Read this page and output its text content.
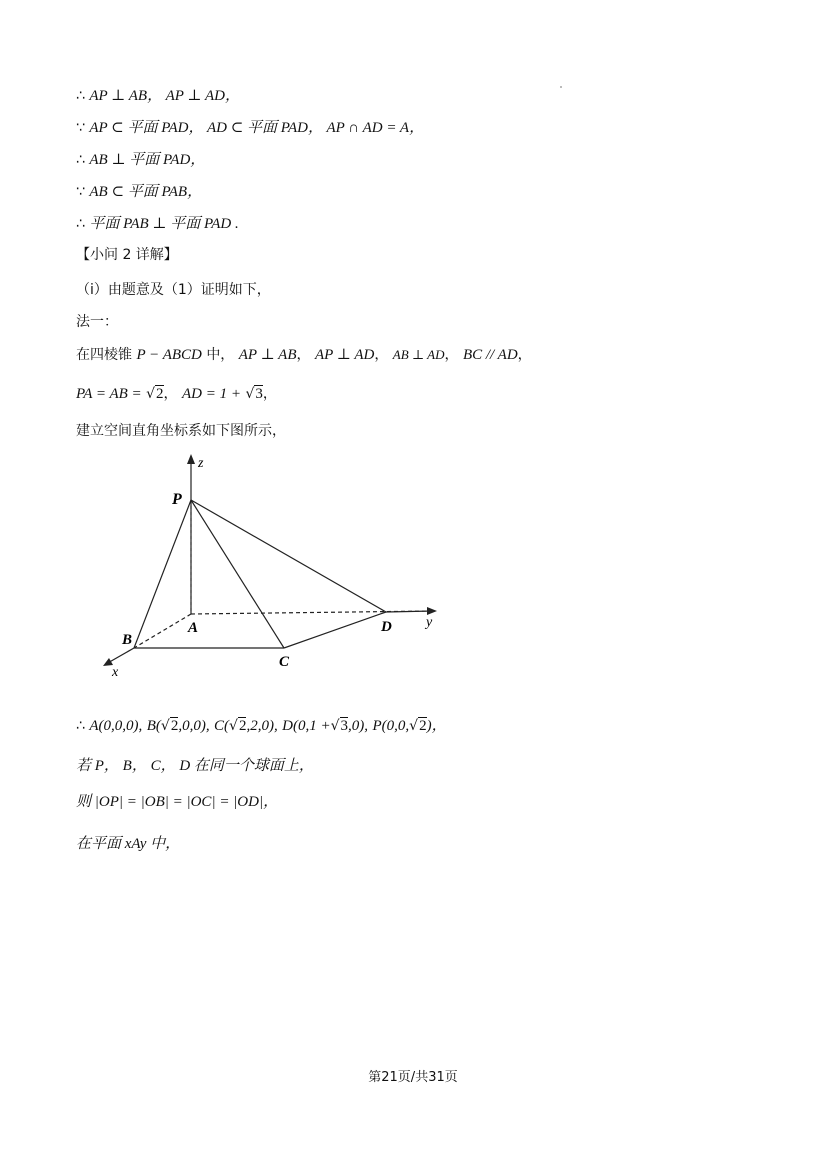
∴ AP ⊥ AB， AP ⊥ AD，
∵ AP ⊂ 平面 PAD， AD ⊂ 平面 PAD， AP ∩ AD = A，
∴ AB ⊥ 平面 PAD，
∵ AB ⊂ 平面 PAB，
∴ 平面 PAB ⊥ 平面 PAD .
【小问 2 详解】
（i）由题意及（1）证明如下，
法一：
在四棱锥 P − ABCD 中， AP ⊥ AB， AP ⊥ AD， AB ⊥ AD， BC // AD，
PA = AB = √2， AD = 1 + √3，
建立空间直角坐标系如下图所示，
P
A
B
C
D
z
y
x
∴ A(0,0,0), B(√2,0,0), C(√2,2,0), D(0,1 +√3,0), P(0,0,√2)，
若 P， B， C， D 在同一个球面上，
则 |OP| = |OB| = |OC| = |OD|，
在平面 xAy 中，
第21页/共31页
